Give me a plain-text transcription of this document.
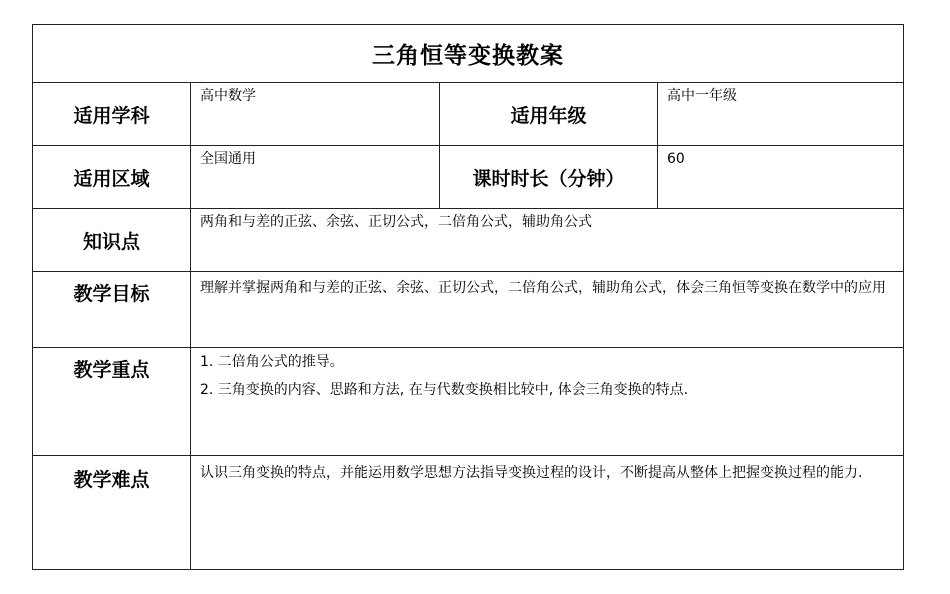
三角恒等变换教案			
适用学科	高中数学	适用年级	高中一年级
适用区域	全国通用	课时时长（分钟）	60
知识点	两角和与差的正弦、余弦、正切公式，二倍角公式，辅助角公式		
教学目标	理解并掌握两角和与差的正弦、余弦、正切公式，二倍角公式，辅助角公式，体会三角恒等变换在数学中的应用		
教学重点	1. 二倍角公式的推导。
2. 三角变换的内容、思路和方法, 在与代数变换相比较中, 体会三角变换的特点.		

教学难点	认识三角变换的特点，并能运用数学思想方法指导变换过程的设计，不断提高从整体上把握变换过程的能力.		
